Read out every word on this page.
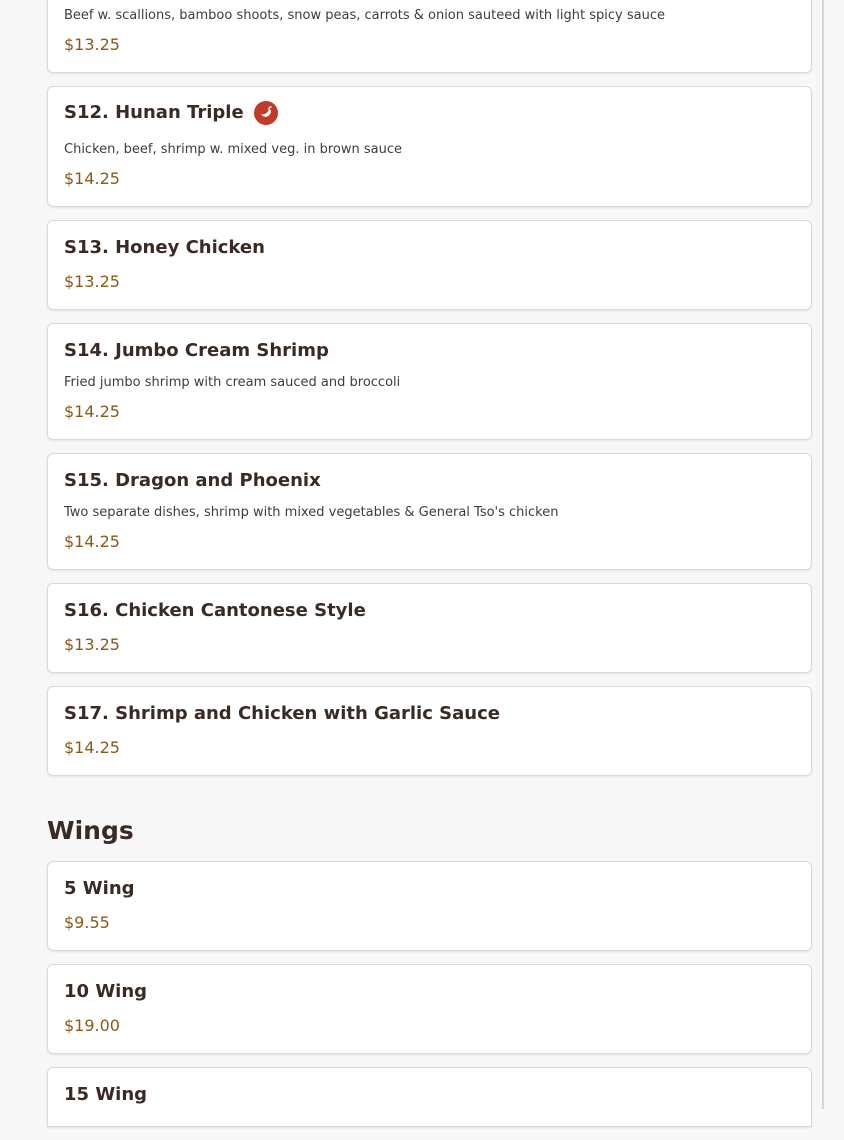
Beef w. scallions, bamboo shoots, snow peas, carrots & onion sauteed with light spicy sauce
$13.25
S12. Hunan Triple
Chicken, beef, shrimp w. mixed veg. in brown sauce
$14.25
S13. Honey Chicken
$13.25
S14. Jumbo Cream Shrimp
Fried jumbo shrimp with cream sauced and broccoli
$14.25
S15. Dragon and Phoenix
Two separate dishes, shrimp with mixed vegetables & General Tso's chicken
$14.25
S16. Chicken Cantonese Style
$13.25
S17. Shrimp and Chicken with Garlic Sauce
$14.25
Wings
5 Wing
$9.55
10 Wing
$19.00
15 Wing
